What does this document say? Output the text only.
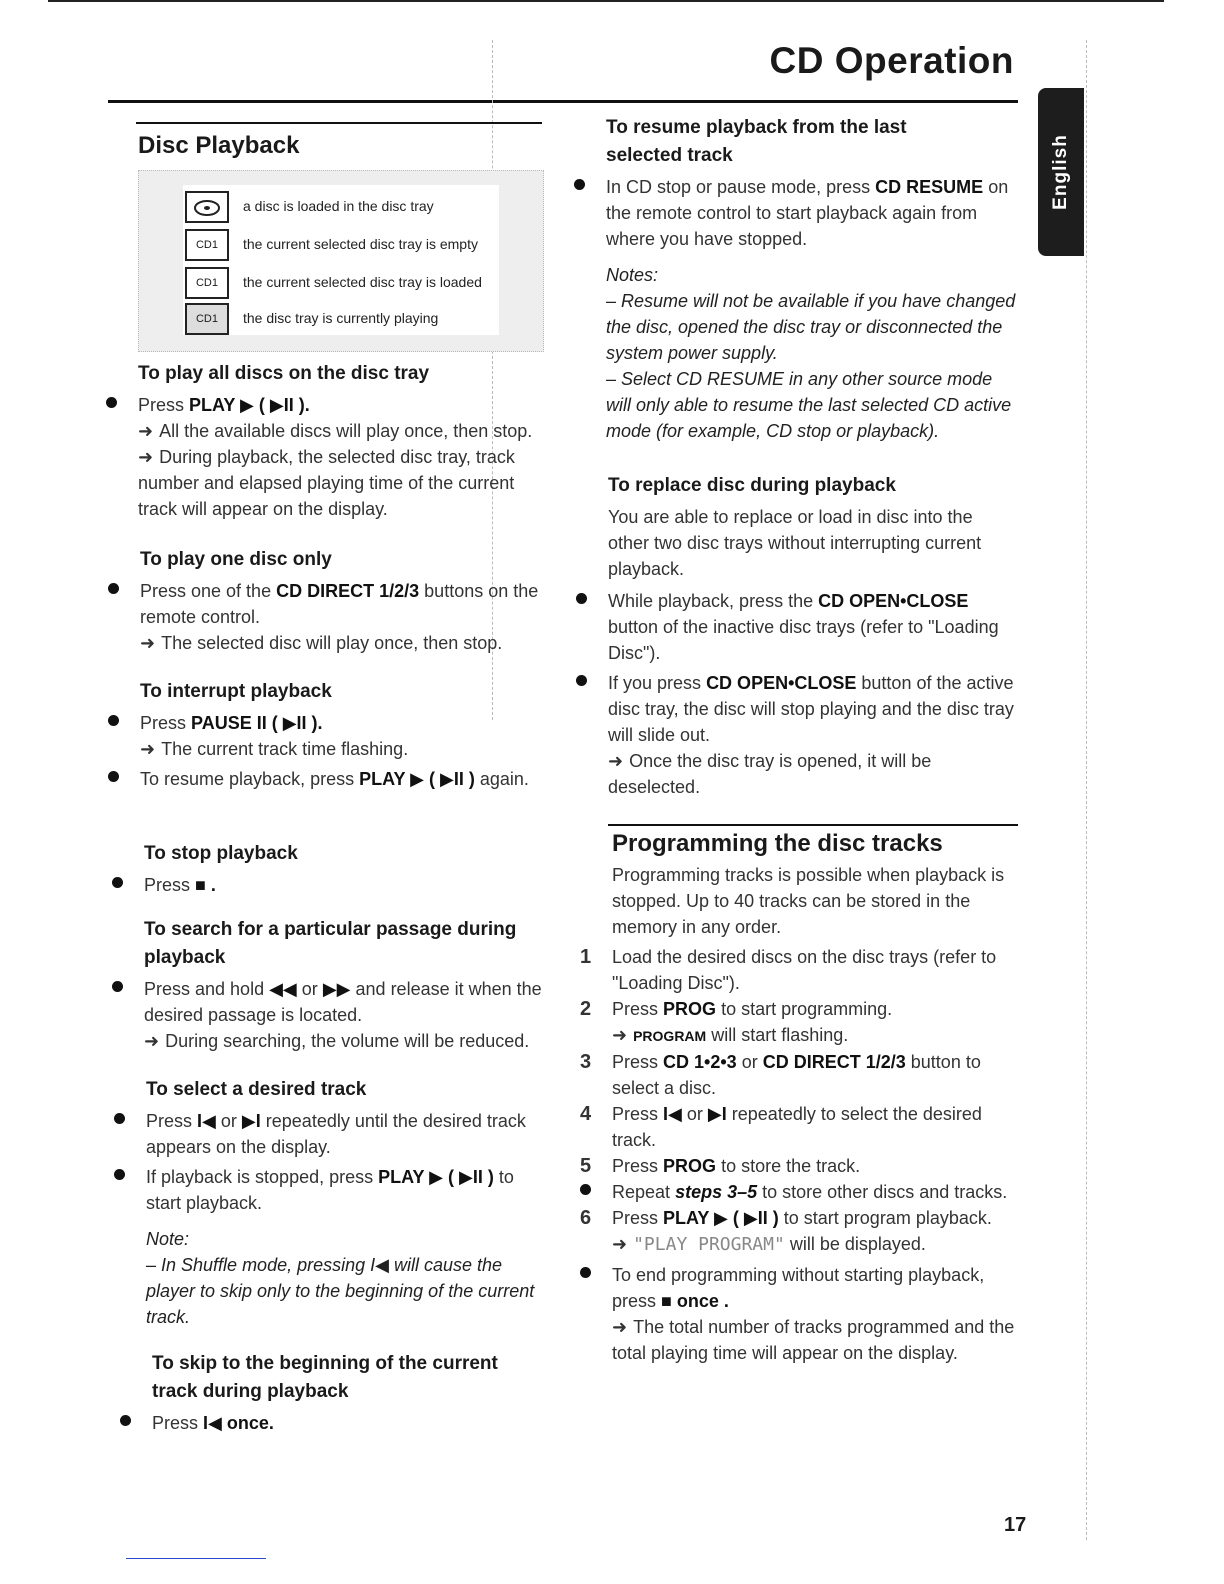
CD Operation
English
Disc Playback
a disc is loaded in the disc tray
CD1	the current selected disc tray is empty
CD1	the current selected disc tray is loaded
CD1	the disc tray is currently playing
To play all discs on the disc tray
Press PLAY ▶ ( ▶II ).
➜ All the available discs will play once, then stop.
➜ During playback, the selected disc tray, track number and elapsed playing time of the current track will appear on the display.
To play one disc only
Press one of the CD DIRECT 1/2/3 buttons on the remote control.
➜ The selected disc will play once, then stop.
To interrupt playback
Press PAUSE II ( ▶II ).
➜ The current track time flashing.
To resume playback, press PLAY ▶ ( ▶II ) again.
To stop playback
Press ■ .
To search for a particular passage during playback
Press and hold ◀◀ or ▶▶ and release it when the desired passage is located.
➜ During searching, the volume will be reduced.
To select a desired track
Press I◀ or ▶I repeatedly until the desired track appears on the display.
If playback is stopped, press PLAY ▶ ( ▶II ) to start playback.
Note:
– In Shuffle mode, pressing I◀ will cause the player to skip only to the beginning of the current track.
To skip to the beginning of the current track during playback
Press I◀ once.
To resume playback from the last selected track
In CD stop or pause mode, press CD RESUME on the remote control to start playback again from where you have stopped.
Notes:
– Resume will not be available if you have changed the disc, opened the disc tray or disconnected the system power supply.
– Select CD RESUME in any other source mode will only able to resume the last selected CD active mode (for example, CD stop or playback).
To replace disc during playback
You are able to replace or load in disc into the other two disc trays without interrupting current playback.
While playback, press the CD OPEN•CLOSE button of the inactive disc trays (refer to "Loading Disc").
If you press CD OPEN•CLOSE button of the active disc tray, the disc will stop playing and the disc tray will slide out.
➜ Once the disc tray is opened, it will be deselected.
Programming the disc tracks
Programming tracks is possible when playback is stopped. Up to 40 tracks can be stored in the memory in any order.
1 Load the desired discs on the disc trays (refer to "Loading Disc").
2 Press PROG to start programming.
➜ PROGRAM will start flashing.
3 Press CD 1•2•3 or CD DIRECT 1/2/3 button to select a disc.
4 Press I◀ or ▶I repeatedly to select the desired track.
5 Press PROG to store the track.
Repeat steps 3–5 to store other discs and tracks.
6 Press PLAY ▶ ( ▶II ) to start program playback.
➜ "PLAY PROGRAM" will be displayed.
To end programming without starting playback, press ■ once .
➜ The total number of tracks programmed and the total playing time will appear on the display.
17
